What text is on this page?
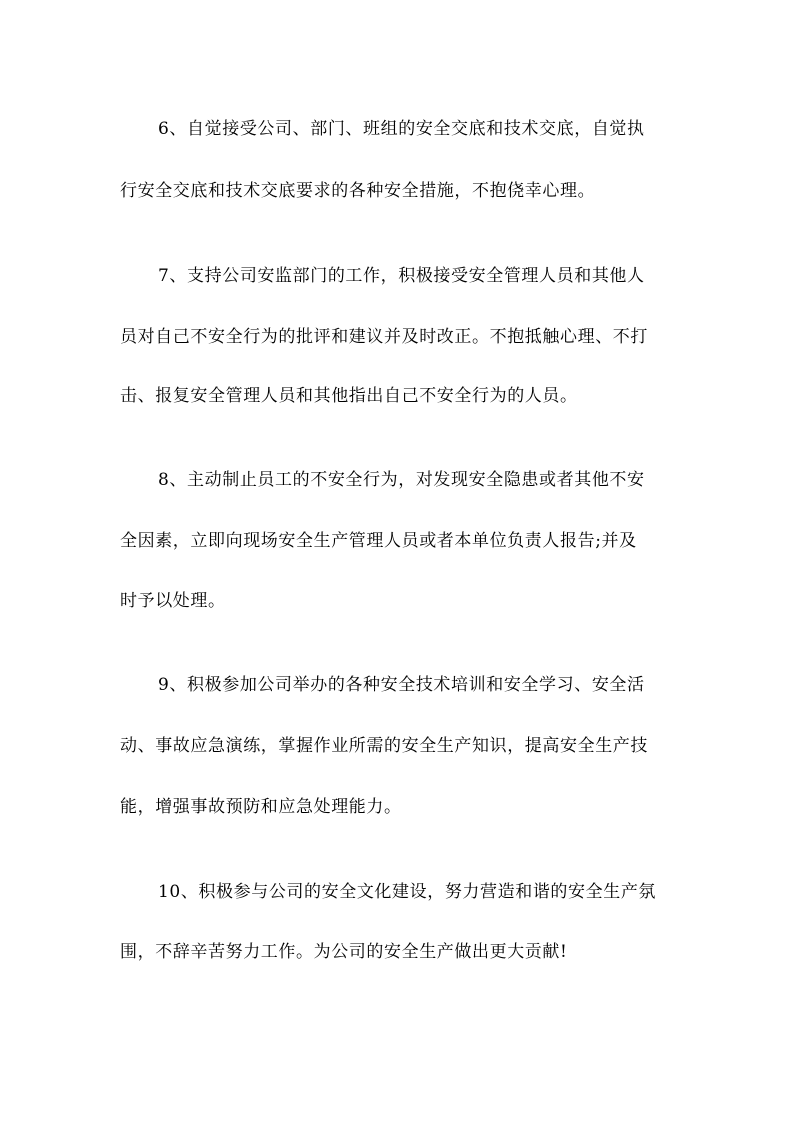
6、自觉接受公司、部门、班组的安全交底和技术交底，自觉执
行安全交底和技术交底要求的各种安全措施，不抱侥幸心理。
7、支持公司安监部门的工作，积极接受安全管理人员和其他人
员对自己不安全行为的批评和建议并及时改正。不抱抵触心理、不打
击、报复安全管理人员和其他指出自己不安全行为的人员。
8、主动制止员工的不安全行为，对发现安全隐患或者其他不安
全因素，立即向现场安全生产管理人员或者本单位负责人报告;并及
时予以处理。
9、积极参加公司举办的各种安全技术培训和安全学习、安全活
动、事故应急演练，掌握作业所需的安全生产知识，提高安全生产技
能，增强事故预防和应急处理能力。
10、积极参与公司的安全文化建设，努力营造和谐的安全生产氛
围，不辞辛苦努力工作。为公司的安全生产做出更大贡献!
